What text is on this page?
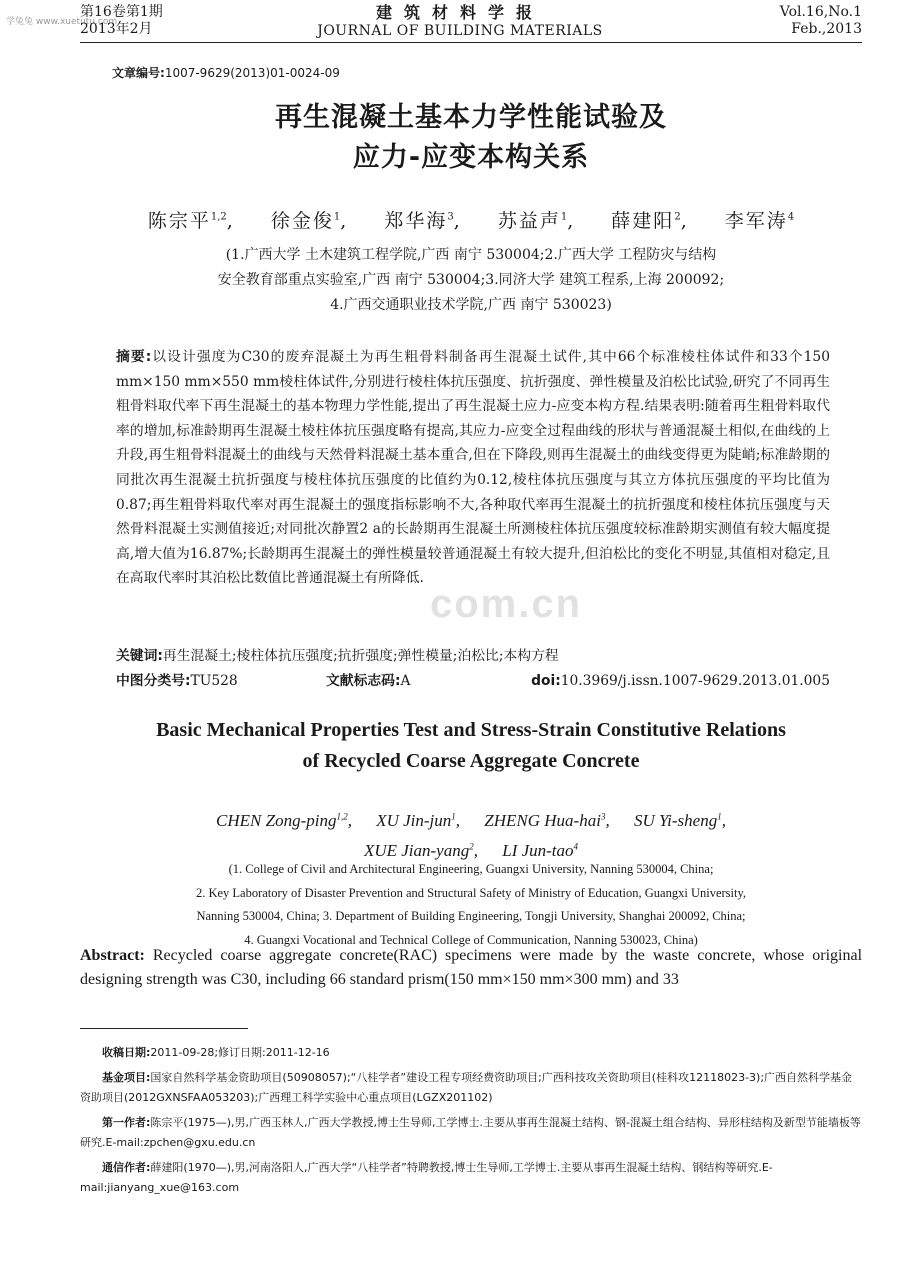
学兔兔 www.xuetutu.com
第16卷第1期
2013年2月
建筑材料学报
JOURNAL OF BUILDING MATERIALS
Vol.16,No.1
Feb.,2013
文章编号:1007-9629(2013)01-0024-09
再生混凝土基本力学性能试验及
应力-应变本构关系
陈宗平$^{1,2}$, 徐金俊$^1$, 郑华海$^3$, 苏益声$^1$, 薛建阳$^2$, 李军涛$^4$
(1.广西大学 土木建筑工程学院,广西 南宁 530004;2.广西大学 工程防灾与结构
安全教育部重点实验室,广西 南宁 530004;3.同济大学 建筑工程系,上海 200092;
4.广西交通职业技术学院,广西 南宁 530023)
摘要:以设计强度为C30的废弃混凝土为再生粗骨料制备再生混凝土试件,其中66个标准棱柱体试件和33个150 mm×150 mm×550 mm棱柱体试件,分别进行棱柱体抗压强度、抗折强度、弹性模量及泊松比试验,研究了不同再生粗骨料取代率下再生混凝土的基本物理力学性能,提出了再生混凝土应力-应变本构方程.结果表明:随着再生粗骨料取代率的增加,标准龄期再生混凝土棱柱体抗压强度略有提高,其应力-应变全过程曲线的形状与普通混凝土相似,在曲线的上升段,再生粗骨料混凝土的曲线与天然骨料混凝土基本重合,但在下降段,则再生混凝土的曲线变得更为陡峭;标准龄期的同批次再生混凝土抗折强度与棱柱体抗压强度的比值约为0.12,棱柱体抗压强度与其立方体抗压强度的平均比值为0.87;再生粗骨料取代率对再生混凝土的强度指标影响不大,各种取代率再生混凝土的抗折强度和棱柱体抗压强度与天然骨料混凝土实测值接近;对同批次静置2 a的长龄期再生混凝土所测棱柱体抗压强度较标准龄期实测值有较大幅度提高,增大值为16.87%;长龄期再生混凝土的弹性模量较普通混凝土有较大提升,但泊松比的变化不明显,其值相对稳定,且在高取代率时其泊松比数值比普通混凝土有所降低.
关键词:再生混凝土;棱柱体抗压强度;抗折强度;弹性模量;泊松比;本构方程
中图分类号:TU528	文献标志码:A	doi:10.3969/j.issn.1007-9629.2013.01.005
com.cn
Basic Mechanical Properties Test and Stress-Strain Constitutive Relations
of Recycled Coarse Aggregate Concrete
CHEN Zong-ping$^{1,2}$, XU Jin-jun$^1$, ZHENG Hua-hai$^3$, SU Yi-sheng$^1$,
XUE Jian-yang$^2$, LI Jun-tao$^4$
(1. College of Civil and Architectural Engineering, Guangxi University, Nanning 530004, China;
2. Key Laboratory of Disaster Prevention and Structural Safety of Ministry of Education, Guangxi University,
Nanning 530004, China; 3. Department of Building Engineering, Tongji University, Shanghai 200092, China;
4. Guangxi Vocational and Technical College of Communication, Nanning 530023, China)
Abstract: Recycled coarse aggregate concrete(RAC) specimens were made by the waste concrete, whose original designing strength was C30, including 66 standard prism(150 mm×150 mm×300 mm) and 33

收稿日期:2011-09-28;修订日期:2011-12-16

基金项目:国家自然科学基金资助项目(50908057);“八桂学者”建设工程专项经费资助项目;广西科技攻关资助项目(桂科攻12118023-3);广西自然科学基金资助项目(2012GXNSFAA053203);广西理工科学实验中心重点项目(LGZX201102)

第一作者:陈宗平(1975—),男,广西玉林人,广西大学教授,博士生导师,工学博士.主要从事再生混凝土结构、钢-混凝土组合结构、异形柱结构及新型节能墙板等研究.E-mail:zpchen@gxu.edu.cn

通信作者:薛建阳(1970—),男,河南洛阳人,广西大学“八桂学者”特聘教授,博士生导师,工学博士.主要从事再生混凝土结构、钢结构等研究.E-mail:jianyang_xue@163.com
